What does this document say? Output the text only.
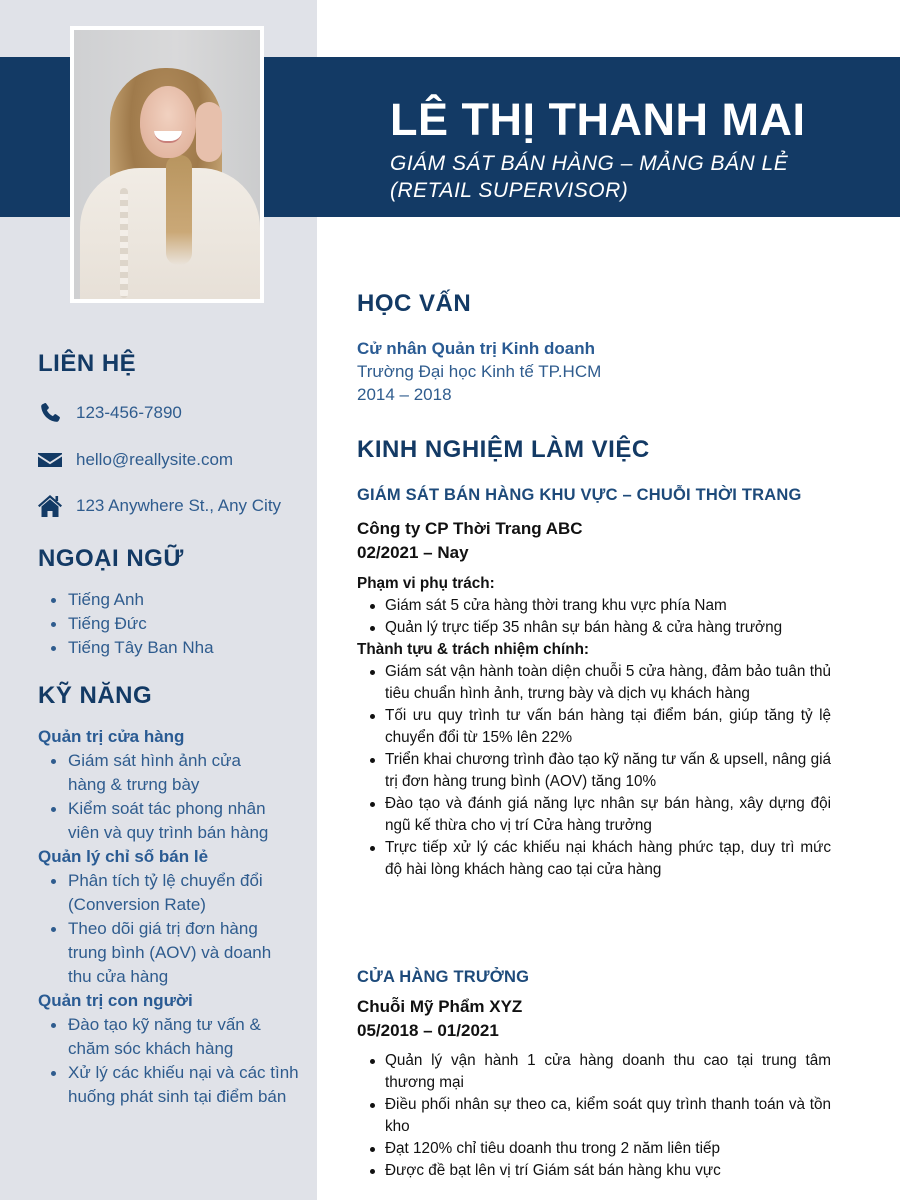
LÊ THỊ THANH MAI
GIÁM SÁT BÁN HÀNG – MẢNG BÁN LẺ
(RETAIL SUPERVISOR)
LIÊN HỆ
123-456-7890
hello@reallysite.com
123 Anywhere St., Any City
NGOẠI NGỮ
Tiếng Anh
Tiếng Đức
Tiếng Tây Ban Nha
KỸ NĂNG
Quản trị cửa hàng
Giám sát hình ảnh cửa hàng & trưng bày
Kiểm soát tác phong nhân viên và quy trình bán hàng
Quản lý chỉ số bán lẻ
Phân tích tỷ lệ chuyển đổi (Conversion Rate)
Theo dõi giá trị đơn hàng trung bình (AOV) và doanh thu cửa hàng
Quản trị con người
Đào tạo kỹ năng tư vấn & chăm sóc khách hàng
Xử lý các khiếu nại và các tình huống phát sinh tại điểm bán
HỌC VẤN
Cử nhân Quản trị Kinh doanh
Trường Đại học Kinh tế TP.HCM
2014 – 2018
KINH NGHIỆM LÀM VIỆC
GIÁM SÁT BÁN HÀNG KHU VỰC – CHUỖI THỜI TRANG
Công ty CP Thời Trang ABC
02/2021 – Nay
Phạm vi phụ trách:
Giám sát 5 cửa hàng thời trang khu vực phía Nam
Quản lý trực tiếp 35 nhân sự bán hàng & cửa hàng trưởng
Thành tựu & trách nhiệm chính:
Giám sát vận hành toàn diện chuỗi 5 cửa hàng, đảm bảo tuân thủ tiêu chuẩn hình ảnh, trưng bày và dịch vụ khách hàng
Tối ưu quy trình tư vấn bán hàng tại điểm bán, giúp tăng tỷ lệ chuyển đổi từ 15% lên 22%
Triển khai chương trình đào tạo kỹ năng tư vấn & upsell, nâng giá trị đơn hàng trung bình (AOV) tăng 10%
Đào tạo và đánh giá năng lực nhân sự bán hàng, xây dựng đội ngũ kế thừa cho vị trí Cửa hàng trưởng
Trực tiếp xử lý các khiếu nại khách hàng phức tạp, duy trì mức độ hài lòng khách hàng cao tại cửa hàng
CỬA HÀNG TRƯỞNG
Chuỗi Mỹ Phẩm XYZ
05/2018 – 01/2021
Quản lý vận hành 1 cửa hàng doanh thu cao tại trung tâm thương mại
Điều phối nhân sự theo ca, kiểm soát quy trình thanh toán và tồn kho
Đạt 120% chỉ tiêu doanh thu trong 2 năm liên tiếp
Được đề bạt lên vị trí Giám sát bán hàng khu vực
